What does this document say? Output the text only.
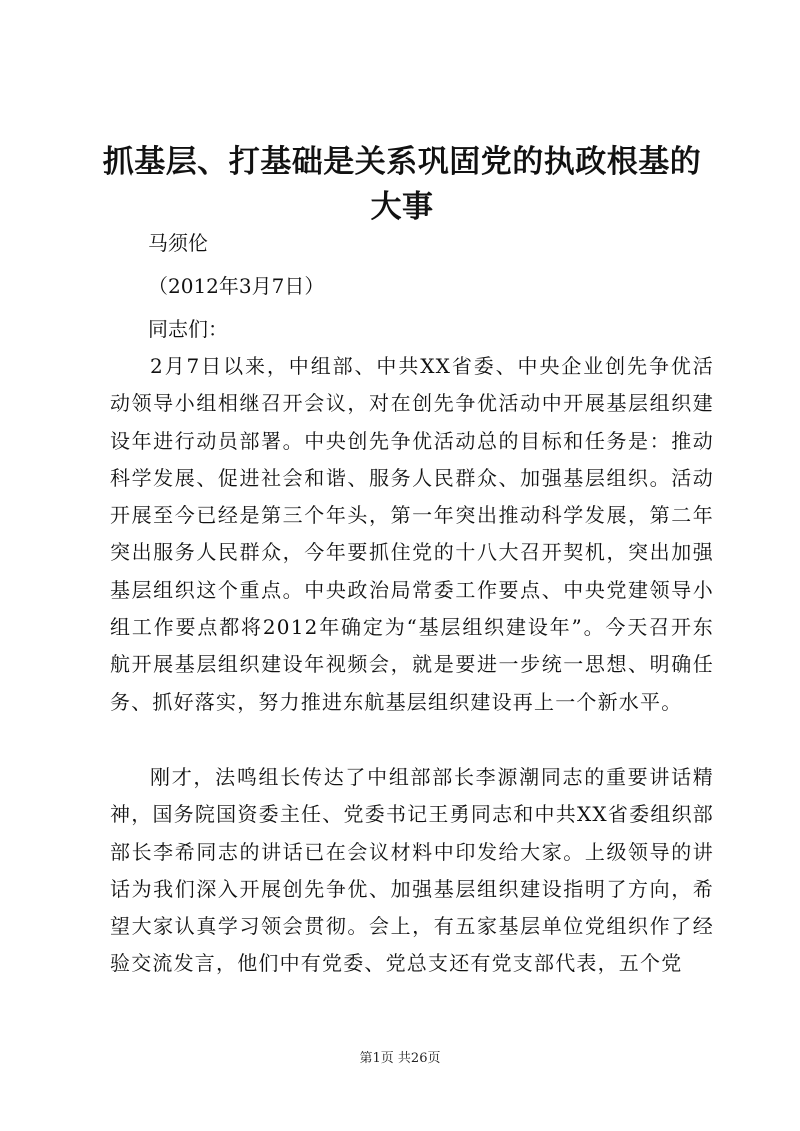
抓基层、打基础是关系巩固党的执政根基的大事

马须伦

（2012年3月7日）

同志们：

2月7日以来，中组部、中共XX省委、中央企业创先争优活动领导小组相继召开会议，对在创先争优活动中开展基层组织建设年进行动员部署。中央创先争优活动总的目标和任务是：推动科学发展、促进社会和谐、服务人民群众、加强基层组织。活动开展至今已经是第三个年头，第一年突出推动科学发展，第二年突出服务人民群众，今年要抓住党的十八大召开契机，突出加强基层组织这个重点。中央政治局常委工作要点、中央党建领导小组工作要点都将2012年确定为“基层组织建设年”。今天召开东航开展基层组织建设年视频会，就是要进一步统一思想、明确任务、抓好落实，努力推进东航基层组织建设再上一个新水平。

刚才，法鸣组长传达了中组部部长李源潮同志的重要讲话精神，国务院国资委主任、党委书记王勇同志和中共XX省委组织部部长李希同志的讲话已在会议材料中印发给大家。上级领导的讲话为我们深入开展创先争优、加强基层组织建设指明了方向，希望大家认真学习领会贯彻。会上，有五家基层单位党组织作了经验交流发言，他们中有党委、党总支还有党支部代表，五个党

第1页 共26页
